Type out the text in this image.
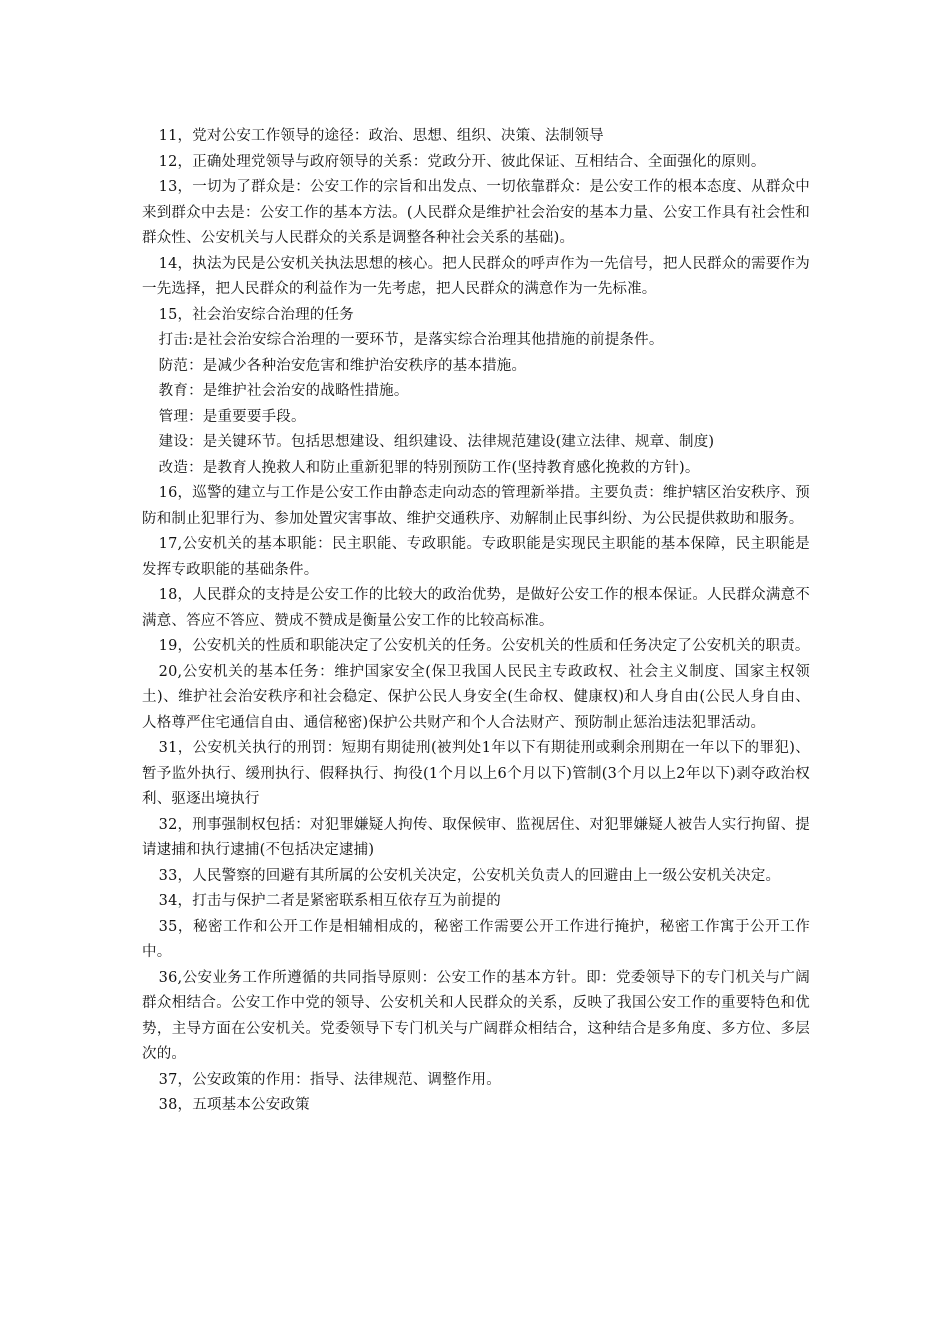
11，党对公安工作领导的途径：政治、思想、组织、决策、法制领导

12，正确处理党领导与政府领导的关系：党政分开、彼此保证、互相结合、全面强化的原则。

13，一切为了群众是：公安工作的宗旨和出发点、一切依靠群众：是公安工作的根本态度、从群众中来到群众中去是：公安工作的基本方法。(人民群众是维护社会治安的基本力量、公安工作具有社会性和群众性、公安机关与人民群众的关系是调整各种社会关系的基础)。

14，执法为民是公安机关执法思想的核心。把人民群众的呼声作为一先信号，把人民群众的需要作为一先选择，把人民群众的利益作为一先考虑，把人民群众的满意作为一先标准。

15，社会治安综合治理的任务

打击:是社会治安综合治理的一要环节，是落实综合治理其他措施的前提条件。

防范：是减少各种治安危害和维护治安秩序的基本措施。

教育：是维护社会治安的战略性措施。

管理：是重要要手段。

建设：是关键环节。包括思想建设、组织建设、法律规范建设(建立法律、规章、制度)

改造：是教育人挽救人和防止重新犯罪的特别预防工作(坚持教育感化挽救的方针)。

16，巡警的建立与工作是公安工作由静态走向动态的管理新举措。主要负责：维护辖区治安秩序、预防和制止犯罪行为、参加处置灾害事故、维护交通秩序、劝解制止民事纠纷、为公民提供救助和服务。

17,公安机关的基本职能：民主职能、专政职能。专政职能是实现民主职能的基本保障，民主职能是发挥专政职能的基础条件。

18，人民群众的支持是公安工作的比较大的政治优势，是做好公安工作的根本保证。人民群众满意不满意、答应不答应、赞成不赞成是衡量公安工作的比较高标准。

19，公安机关的性质和职能决定了公安机关的任务。公安机关的性质和任务决定了公安机关的职责。

20,公安机关的基本任务：维护国家安全(保卫我国人民民主专政政权、社会主义制度、国家主权领土)、维护社会治安秩序和社会稳定、保护公民人身安全(生命权、健康权)和人身自由(公民人身自由、人格尊严住宅通信自由、通信秘密)保护公共财产和个人合法财产、预防制止惩治违法犯罪活动。

31，公安机关执行的刑罚：短期有期徒刑(被判处1年以下有期徒刑或剩余刑期在一年以下的罪犯)、暂予监外执行、缓刑执行、假释执行、拘役(1个月以上6个月以下)管制(3个月以上2年以下)剥夺政治权利、驱逐出境执行

32，刑事强制权包括：对犯罪嫌疑人拘传、取保候审、监视居住、对犯罪嫌疑人被告人实行拘留、提请逮捕和执行逮捕(不包括决定逮捕)

33，人民警察的回避有其所属的公安机关决定，公安机关负责人的回避由上一级公安机关决定。

34，打击与保护二者是紧密联系相互依存互为前提的

35，秘密工作和公开工作是相辅相成的，秘密工作需要公开工作进行掩护，秘密工作寓于公开工作中。

36,公安业务工作所遵循的共同指导原则：公安工作的基本方针。即：党委领导下的专门机关与广阔群众相结合。公安工作中党的领导、公安机关和人民群众的关系，反映了我国公安工作的重要特色和优势，主导方面在公安机关。党委领导下专门机关与广阔群众相结合，这种结合是多角度、多方位、多层次的。

37，公安政策的作用：指导、法律规范、调整作用。

38，五项基本公安政策
